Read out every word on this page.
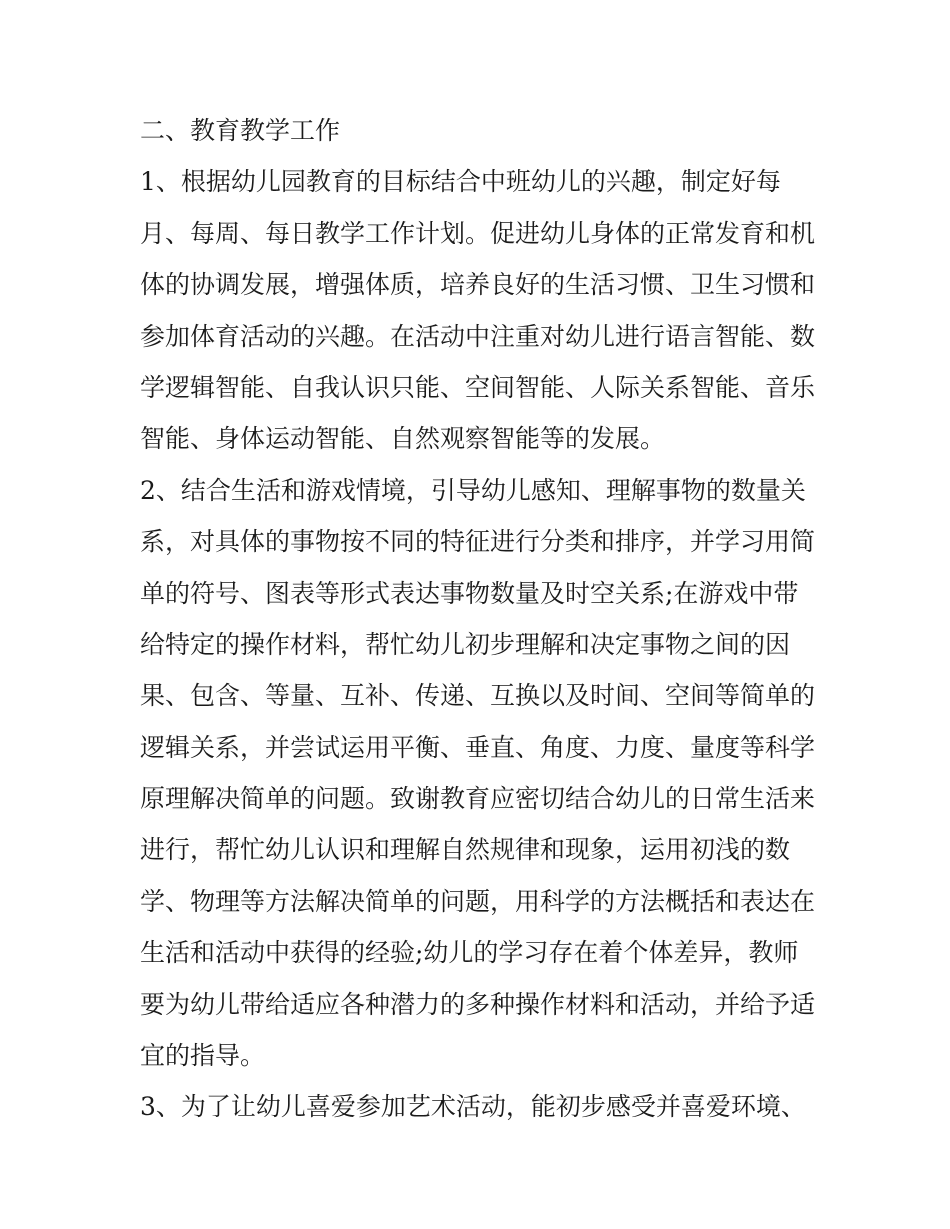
二、教育教学工作
1、根据幼儿园教育的目标结合中班幼儿的兴趣，制定好每
月、每周、每日教学工作计划。促进幼儿身体的正常发育和机
体的协调发展，增强体质，培养良好的生活习惯、卫生习惯和
参加体育活动的兴趣。在活动中注重对幼儿进行语言智能、数
学逻辑智能、自我认识只能、空间智能、人际关系智能、音乐
智能、身体运动智能、自然观察智能等的发展。
2、结合生活和游戏情境，引导幼儿感知、理解事物的数量关
系，对具体的事物按不同的特征进行分类和排序，并学习用简
单的符号、图表等形式表达事物数量及时空关系;在游戏中带
给特定的操作材料，帮忙幼儿初步理解和决定事物之间的因
果、包含、等量、互补、传递、互换以及时间、空间等简单的
逻辑关系，并尝试运用平衡、垂直、角度、力度、量度等科学
原理解决简单的问题。致谢教育应密切结合幼儿的日常生活来
进行，帮忙幼儿认识和理解自然规律和现象，运用初浅的数
学、物理等方法解决简单的问题，用科学的方法概括和表达在
生活和活动中获得的经验;幼儿的学习存在着个体差异，教师
要为幼儿带给适应各种潜力的多种操作材料和活动，并给予适
宜的指导。
3、为了让幼儿喜爱参加艺术活动，能初步感受并喜爱环境、
